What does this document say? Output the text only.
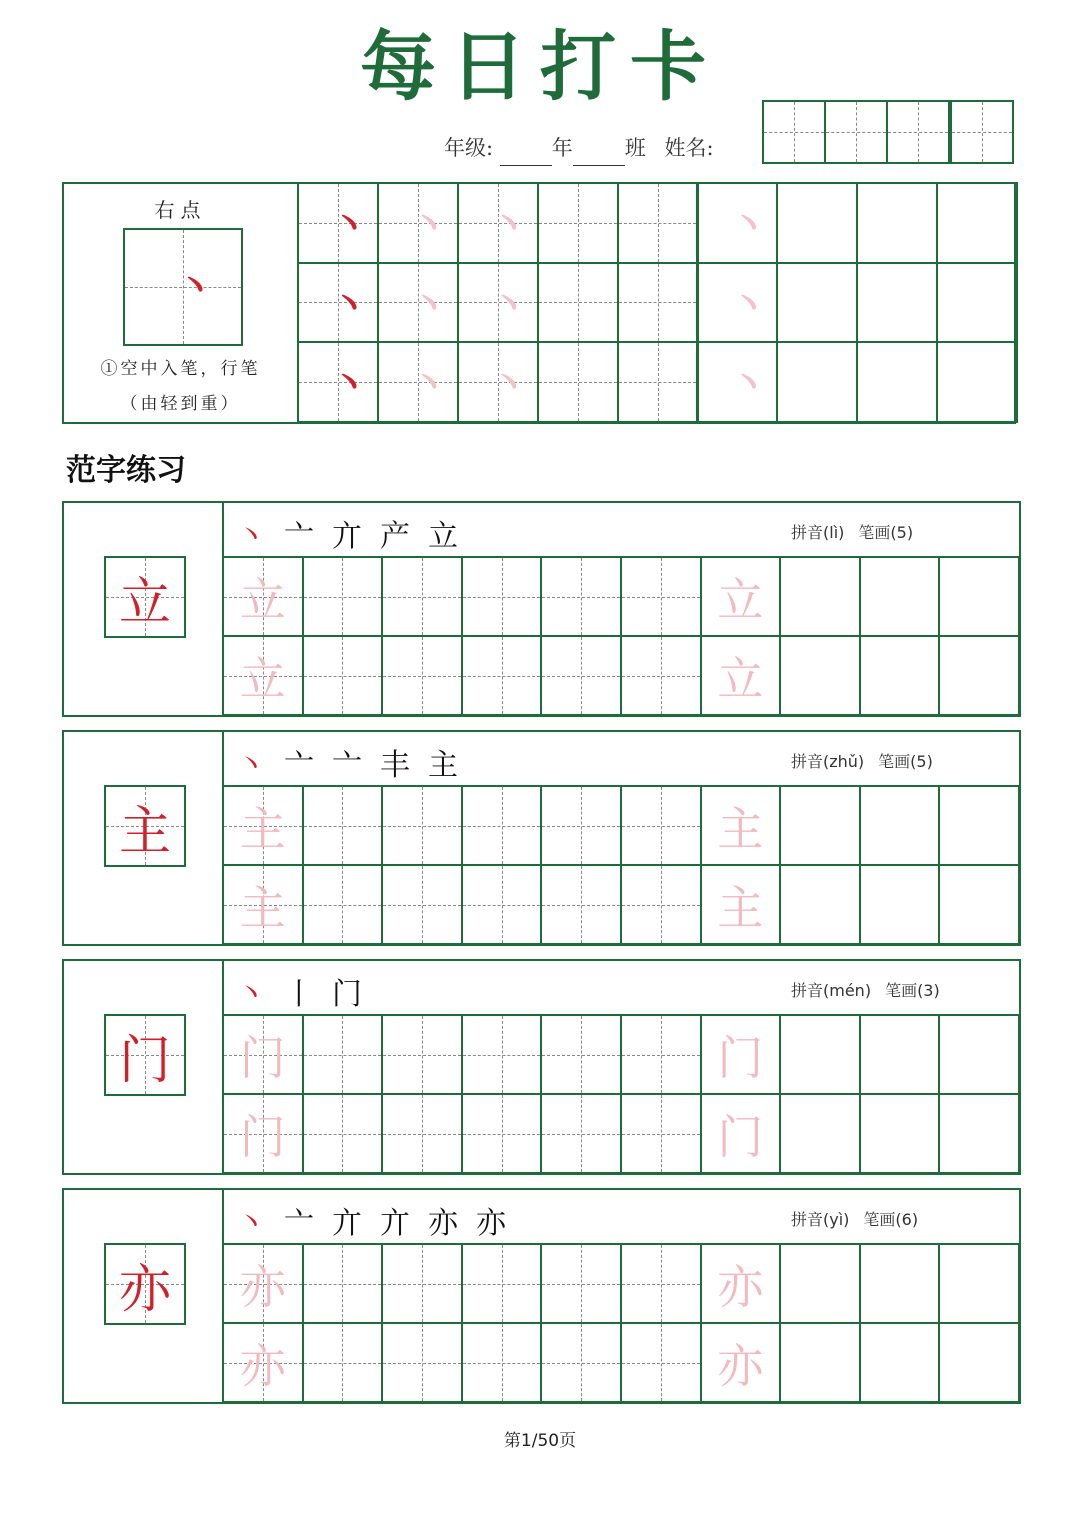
每日打卡
年级:	年 班 姓名:
右点
丶
①空中入笔，行笔
（由轻到重）
丶 丶 丶	丶
丶 丶 丶	丶
丶 丶 丶	丶
范字练习
立
丶 亠 亣 产 立	拼音(lì) 笔画(5)
立	立
立	立
主
丶 亠 亠 丰 主	拼音(zhǔ) 笔画(5)
主	主
主	主
门
丶 丨 门	拼音(mén) 笔画(3)
门	门
门	门
亦
丶 亠 亣 亣 亦 亦	拼音(yì) 笔画(6)
亦	亦
亦	亦
第1/50页
